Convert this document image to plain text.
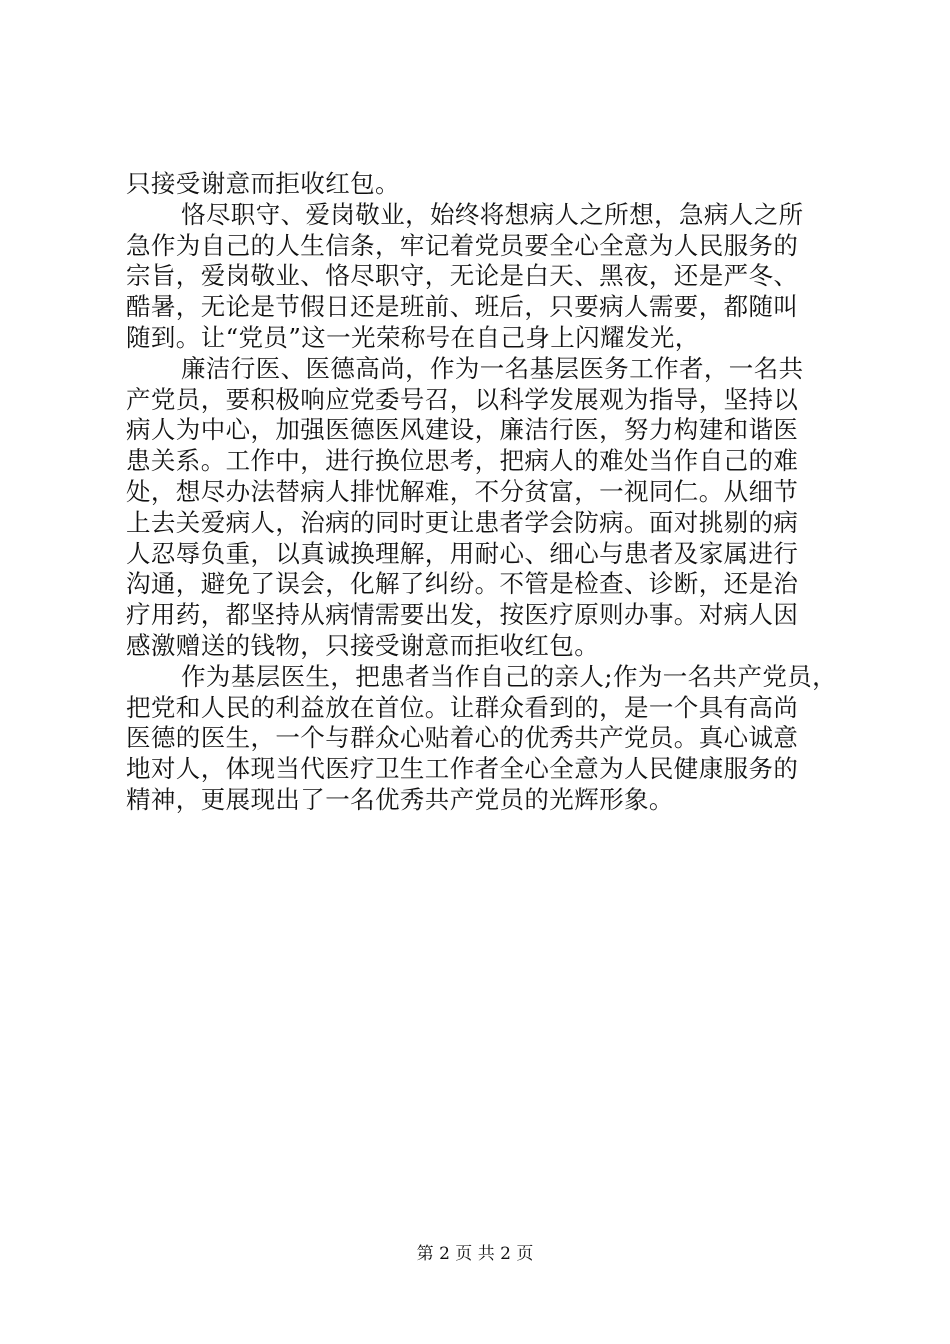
只接受谢意而拒收红包。
恪尽职守、爱岗敬业，始终将想病人之所想，急病人之所
急作为自己的人生信条，牢记着党员要全心全意为人民服务的
宗旨，爱岗敬业、恪尽职守，无论是白天、黑夜，还是严冬、
酷暑，无论是节假日还是班前、班后，只要病人需要，都随叫
随到。让“党员”这一光荣称号在自己身上闪耀发光，
廉洁行医、医德高尚，作为一名基层医务工作者，一名共
产党员，要积极响应党委号召，以科学发展观为指导，坚持以
病人为中心，加强医德医风建设，廉洁行医，努力构建和谐医
患关系。工作中，进行换位思考，把病人的难处当作自己的难
处，想尽办法替病人排忧解难，不分贫富，一视同仁。从细节
上去关爱病人，治病的同时更让患者学会防病。面对挑剔的病
人忍辱负重，以真诚换理解，用耐心、细心与患者及家属进行
沟通，避免了误会，化解了纠纷。不管是检查、诊断，还是治
疗用药，都坚持从病情需要出发，按医疗原则办事。对病人因
感激赠送的钱物，只接受谢意而拒收红包。
作为基层医生，把患者当作自己的亲人;作为一名共产党员，
把党和人民的利益放在首位。让群众看到的，是一个具有高尚
医德的医生，一个与群众心贴着心的优秀共产党员。真心诚意
地对人，体现当代医疗卫生工作者全心全意为人民健康服务的
精神，更展现出了一名优秀共产党员的光辉形象。
第 2 页 共 2 页
